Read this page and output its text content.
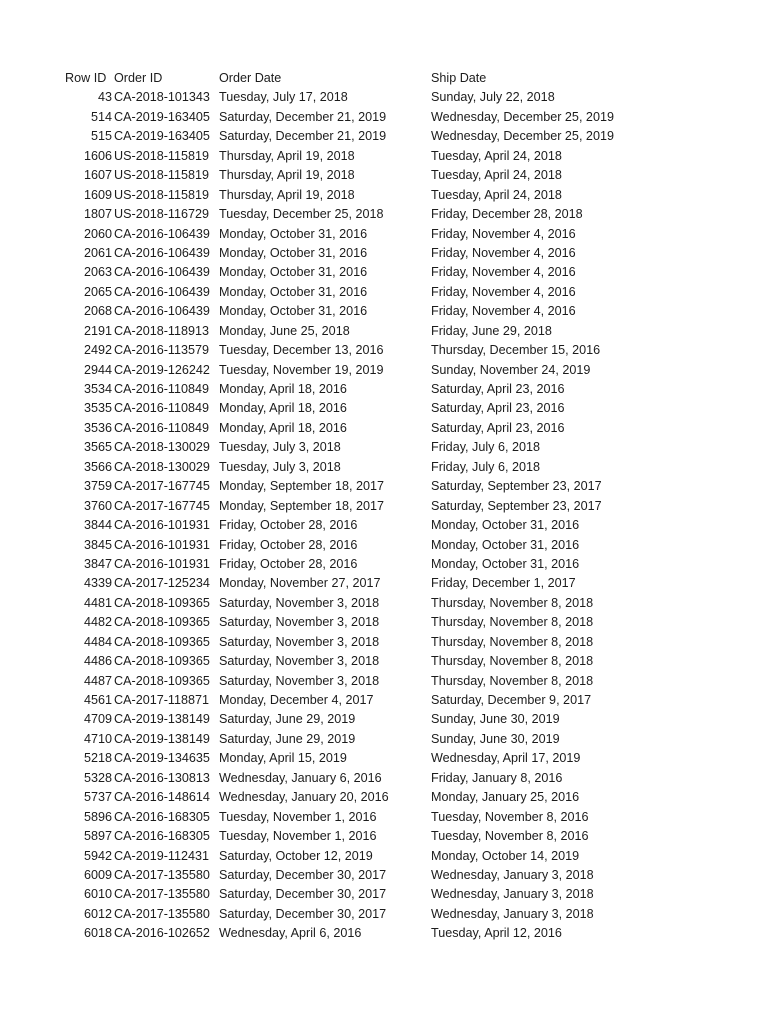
Row ID Order ID	Order Date	Ship Date
43 CA-2018-101343 Tuesday, July 17, 2018	Sunday, July 22, 2018
514 CA-2019-163405 Saturday, December 21, 2019	Wednesday, December 25, 2019
515 CA-2019-163405 Saturday, December 21, 2019	Wednesday, December 25, 2019
1606 US-2018-115819 Thursday, April 19, 2018	Tuesday, April 24, 2018
1607 US-2018-115819 Thursday, April 19, 2018	Tuesday, April 24, 2018
1609 US-2018-115819 Thursday, April 19, 2018	Tuesday, April 24, 2018
1807 US-2018-116729 Tuesday, December 25, 2018	Friday, December 28, 2018
2060 CA-2016-106439 Monday, October 31, 2016	Friday, November 4, 2016
2061 CA-2016-106439 Monday, October 31, 2016	Friday, November 4, 2016
2063 CA-2016-106439 Monday, October 31, 2016	Friday, November 4, 2016
2065 CA-2016-106439 Monday, October 31, 2016	Friday, November 4, 2016
2068 CA-2016-106439 Monday, October 31, 2016	Friday, November 4, 2016
2191 CA-2018-118913 Monday, June 25, 2018	Friday, June 29, 2018
2492 CA-2016-113579 Tuesday, December 13, 2016	Thursday, December 15, 2016
2944 CA-2019-126242 Tuesday, November 19, 2019	Sunday, November 24, 2019
3534 CA-2016-110849 Monday, April 18, 2016	Saturday, April 23, 2016
3535 CA-2016-110849 Monday, April 18, 2016	Saturday, April 23, 2016
3536 CA-2016-110849 Monday, April 18, 2016	Saturday, April 23, 2016
3565 CA-2018-130029 Tuesday, July 3, 2018	Friday, July 6, 2018
3566 CA-2018-130029 Tuesday, July 3, 2018	Friday, July 6, 2018
3759 CA-2017-167745 Monday, September 18, 2017	Saturday, September 23, 2017
3760 CA-2017-167745 Monday, September 18, 2017	Saturday, September 23, 2017
3844 CA-2016-101931 Friday, October 28, 2016	Monday, October 31, 2016
3845 CA-2016-101931 Friday, October 28, 2016	Monday, October 31, 2016
3847 CA-2016-101931 Friday, October 28, 2016	Monday, October 31, 2016
4339 CA-2017-125234 Monday, November 27, 2017	Friday, December 1, 2017
4481 CA-2018-109365 Saturday, November 3, 2018	Thursday, November 8, 2018
4482 CA-2018-109365 Saturday, November 3, 2018	Thursday, November 8, 2018
4484 CA-2018-109365 Saturday, November 3, 2018	Thursday, November 8, 2018
4486 CA-2018-109365 Saturday, November 3, 2018	Thursday, November 8, 2018
4487 CA-2018-109365 Saturday, November 3, 2018	Thursday, November 8, 2018
4561 CA-2017-118871 Monday, December 4, 2017	Saturday, December 9, 2017
4709 CA-2019-138149 Saturday, June 29, 2019	Sunday, June 30, 2019
4710 CA-2019-138149 Saturday, June 29, 2019	Sunday, June 30, 2019
5218 CA-2019-134635 Monday, April 15, 2019	Wednesday, April 17, 2019
5328 CA-2016-130813 Wednesday, January 6, 2016	Friday, January 8, 2016
5737 CA-2016-148614 Wednesday, January 20, 2016	Monday, January 25, 2016
5896 CA-2016-168305 Tuesday, November 1, 2016	Tuesday, November 8, 2016
5897 CA-2016-168305 Tuesday, November 1, 2016	Tuesday, November 8, 2016
5942 CA-2019-112431 Saturday, October 12, 2019	Monday, October 14, 2019
6009 CA-2017-135580 Saturday, December 30, 2017	Wednesday, January 3, 2018
6010 CA-2017-135580 Saturday, December 30, 2017	Wednesday, January 3, 2018
6012 CA-2017-135580 Saturday, December 30, 2017	Wednesday, January 3, 2018
6018 CA-2016-102652 Wednesday, April 6, 2016	Tuesday, April 12, 2016
